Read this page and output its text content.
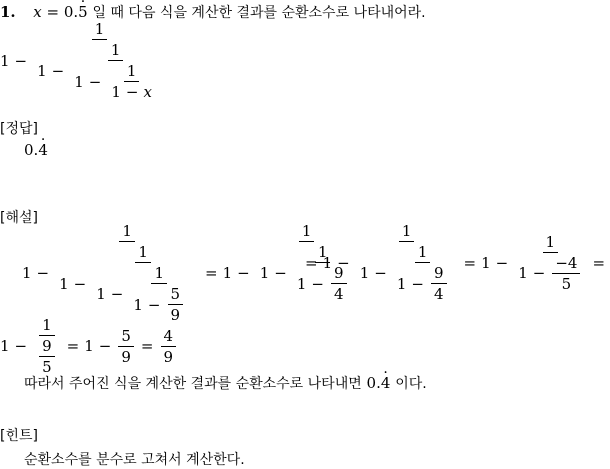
1. x = 0.5 · 일 때 다음 식을 계산한 결과를 순환소수로 나타내어라.
1 −
1
1 −
1
$1 - \frac{1}{1 - x}$
[정답]
0.4 ·
[해설]
1 −
1
1 −
1
$1 - \frac{1}{1 - \frac{5}{9}}$	= 1 −
1
$1 - \frac{1}{1 - \frac{9}{4}}$
= 1 −
1
$1 - \frac{1}{1 - \frac{9}{4}} = 1 - \frac{1}{1 - \frac{-4}{5}}$ =
$1 - \frac{1}{\frac{9}{5}} = 1 - \frac{5}{9} = \frac{4}{9}$
따라서 주어진 식을 계산한 결과를 순환소수로 나타내면 0.4 · 이다.
[힌트]
순환소수를 분수로 고쳐서 계산한다.
